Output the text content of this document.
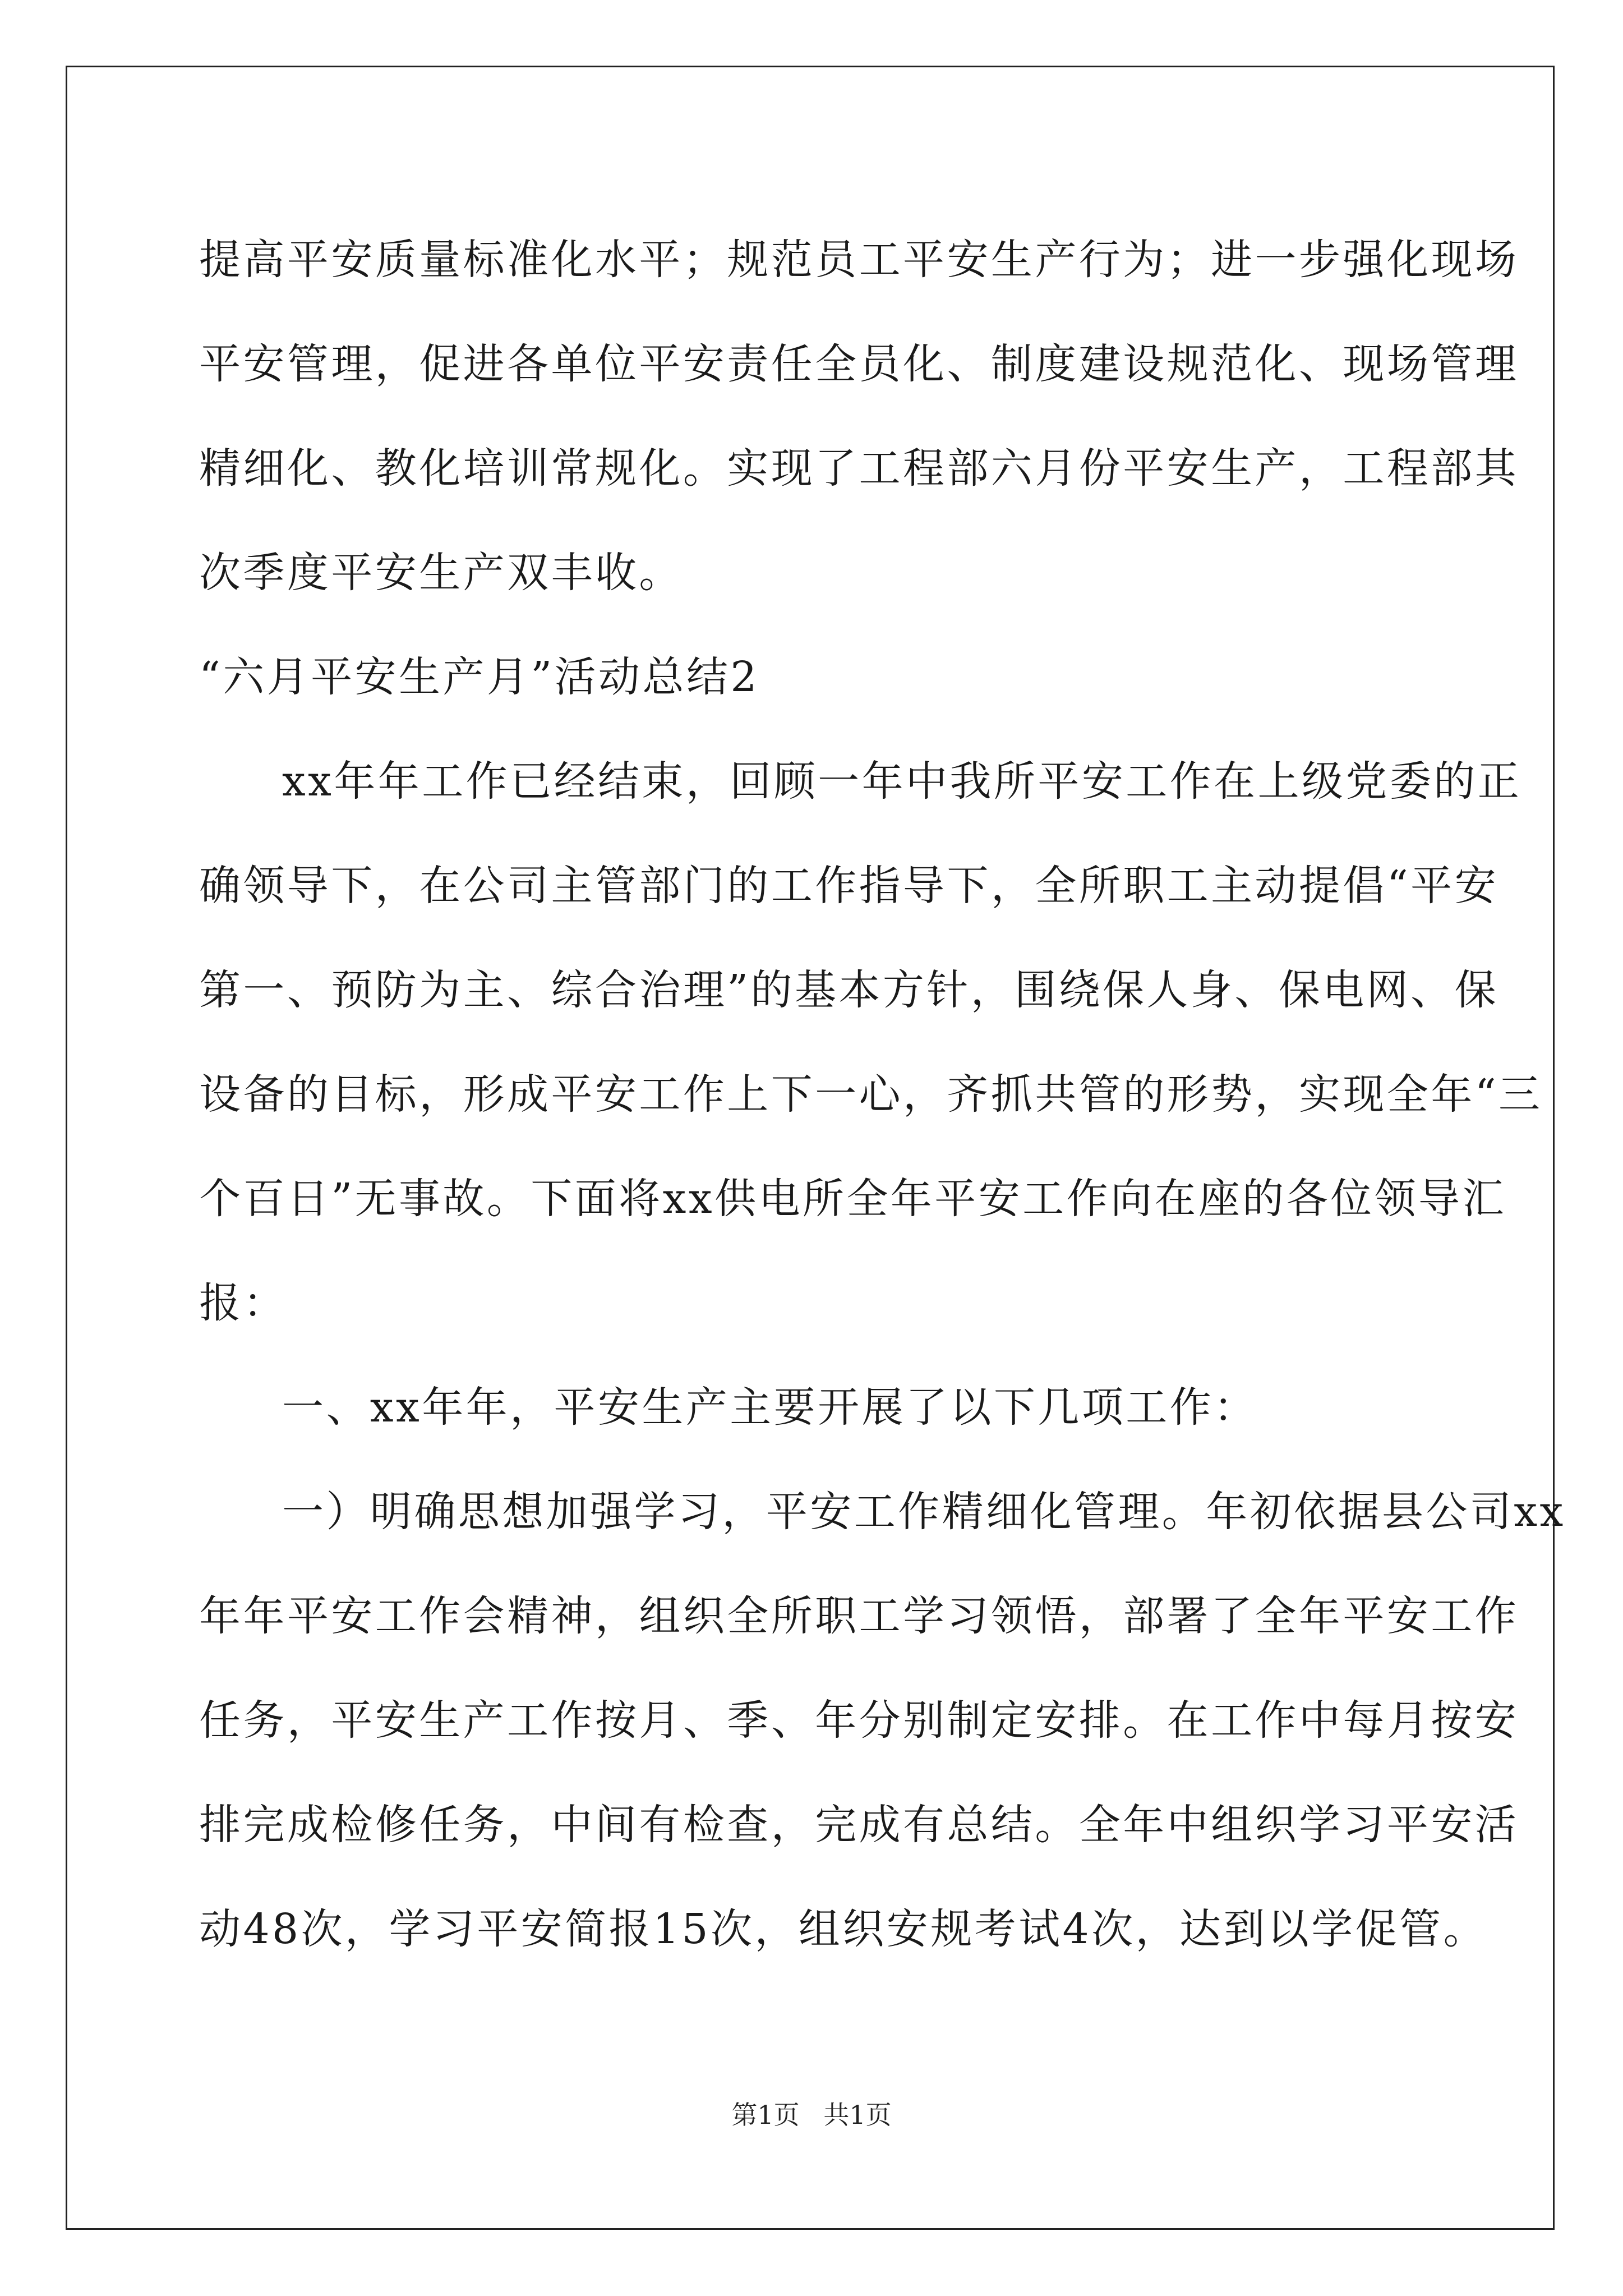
提高平安质量标准化水平；规范员工平安生产行为；进一步强化现场
平安管理，促进各单位平安责任全员化、制度建设规范化、现场管理
精细化、教化培训常规化。实现了工程部六月份平安生产，工程部其
次季度平安生产双丰收。
“六月平安生产月”活动总结2
xx年年工作已经结束，回顾一年中我所平安工作在上级党委的正
确领导下，在公司主管部门的工作指导下，全所职工主动提倡“平安
第一、预防为主、综合治理”的基本方针，围绕保人身、保电网、保
设备的目标，形成平安工作上下一心，齐抓共管的形势，实现全年“三
个百日”无事故。下面将xx供电所全年平安工作向在座的各位领导汇
报：
一、xx年年，平安生产主要开展了以下几项工作：
一）明确思想加强学习，平安工作精细化管理。年初依据县公司xx
年年平安工作会精神，组织全所职工学习领悟，部署了全年平安工作
任务，平安生产工作按月、季、年分别制定安排。在工作中每月按安
排完成检修任务，中间有检查，完成有总结。全年中组织学习平安活
动48次，学习平安简报15次，组织安规考试4次，达到以学促管。
第1页 共1页
